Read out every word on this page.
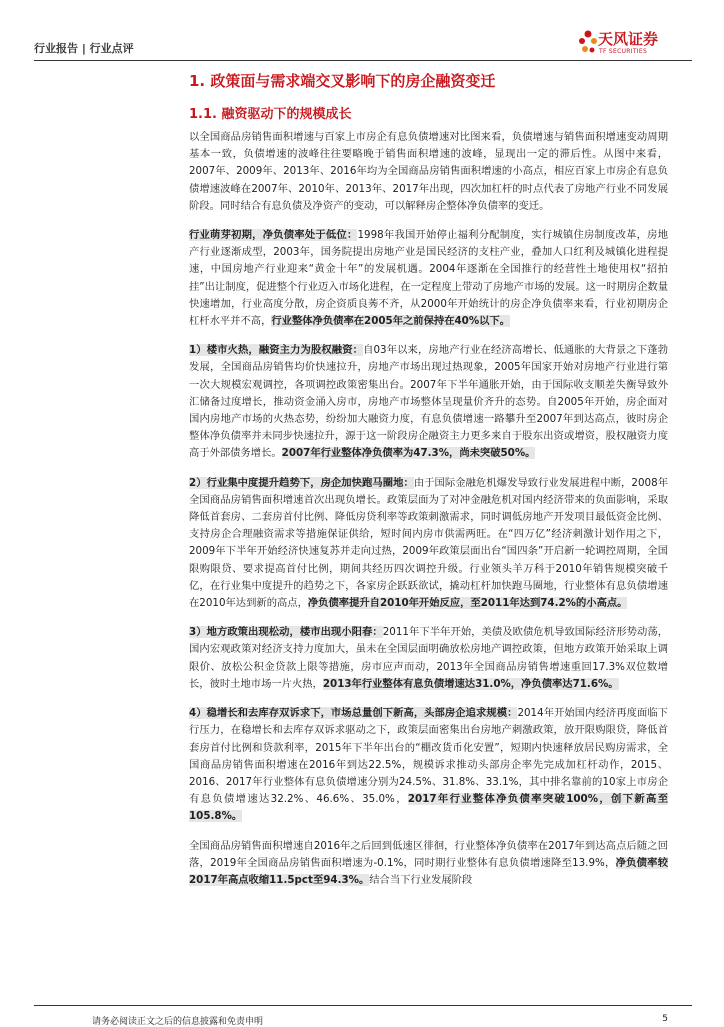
行业报告 | 行业点评
天风证券
TF SECURITIES
1. 政策面与需求端交叉影响下的房企融资变迁
1.1. 融资驱动下的规模成长

以全国商品房销售面积增速与百家上市房企有息负债增速对比图来看，负债增速与销售面积增速变动周期基本一致，负债增速的波峰往往要略晚于销售面积增速的波峰，显现出一定的滞后性。从图中来看，2007年、2009年、2013年、2016年均为全国商品房销售面积增速的小高点，相应百家上市房企有息负债增速波峰在2007年、2010年、2013年、2017年出现，四次加杠杆的时点代表了房地产行业不同发展阶段。同时结合有息负债及净资产的变动，可以解释房企整体净负债率的变迁。

行业萌芽初期，净负债率处于低位：1998年我国开始停止福利分配制度，实行城镇住房制度改革，房地产行业逐渐成型，2003年，国务院提出房地产业是国民经济的支柱产业，叠加人口红利及城镇化进程提速，中国房地产行业迎来“黄金十年”的发展机遇。2004年逐渐在全国推行的经营性土地使用权“招拍挂”出让制度，促进整个行业迈入市场化进程，在一定程度上带动了房地产市场的发展。这一时期房企数量快速增加，行业高度分散，房企资质良莠不齐，从2000年开始统计的房企净负债率来看，行业初期房企杠杆水平并不高，行业整体净负债率在2005年之前保持在40%以下。

1）楼市火热，融资主力为股权融资：自03年以来，房地产行业在经济高增长、低通胀的大背景之下蓬勃发展，全国商品房销售均价快速拉升，房地产市场出现过热现象，2005年国家开始对房地产行业进行第一次大规模宏观调控，各项调控政策密集出台。2007年下半年通胀开始，由于国际收支顺差失衡导致外汇储备过度增长，推动资金涌入房市，房地产市场整体呈现量价齐升的态势。自2005年开始，房企面对国内房地产市场的火热态势，纷纷加大融资力度，有息负债增速一路攀升至2007年到达高点，彼时房企整体净负债率并未同步快速拉升，源于这一阶段房企融资主力更多来自于股东出资或增资，股权融资力度高于外部债务增长。2007年行业整体净负债率为47.3%，尚未突破50%。

2）行业集中度提升趋势下，房企加快跑马圈地：由于国际金融危机爆发导致行业发展进程中断，2008年全国商品房销售面积增速首次出现负增长。政策层面为了对冲金融危机对国内经济带来的负面影响，采取降低首套房、二套房首付比例、降低房贷利率等政策刺激需求，同时调低房地产开发项目最低资金比例、支持房企合理融资需求等措施保证供给，短时间内房市供需两旺。在“四万亿”经济刺激计划作用之下，2009年下半年开始经济快速复苏并走向过热，2009年政策层面出台“国四条”开启新一轮调控周期，全国限购限贷、要求提高首付比例，期间共经历四次调控升级。行业领头羊万科于2010年销售规模突破千亿，在行业集中度提升的趋势之下，各家房企跃跃欲试，撬动杠杆加快跑马圈地，行业整体有息负债增速在2010年达到新的高点，净负债率提升自2010年开始反应，至2011年达到74.2%的小高点。

3）地方政策出现松动，楼市出现小阳春：2011年下半年开始，美债及欧债危机导致国际经济形势动荡，国内宏观政策对经济支持力度加大，虽未在全国层面明确放松房地产调控政策，但地方政策开始采取上调限价、放松公积金贷款上限等措施，房市应声而动，2013年全国商品房销售增速重回17.3%双位数增长，彼时土地市场一片火热，2013年行业整体有息负债增速达31.0%，净负债率达71.6%。

4）稳增长和去库存双诉求下，市场总量创下新高，头部房企追求规模：2014年开始国内经济再度面临下行压力，在稳增长和去库存双诉求驱动之下，政策层面密集出台房地产刺激政策，放开限购限贷，降低首套房首付比例和贷款利率，2015年下半年出台的“棚改货币化安置”，短期内快速释放居民购房需求，全国商品房销售面积增速在2016年到达22.5%，规模诉求推动头部房企率先完成加杠杆动作，2015、2016、2017年行业整体有息负债增速分别为24.5%、31.8%、33.1%，其中排名靠前的10家上市房企有息负债增速达32.2%、46.6%、35.0%，2017年行业整体净负债率突破100%，创下新高至105.8%。

全国商品房销售面积增速自2016年之后回到低速区徘徊，行业整体净负债率在2017年到达高点后随之回落，2019年全国商品房销售面积增速为-0.1%，同时期行业整体有息负债增速降至13.9%，净负债率较2017年高点收缩11.5pct至94.3%。结合当下行业发展阶段

请务必阅读正文之后的信息披露和免责申明	5
